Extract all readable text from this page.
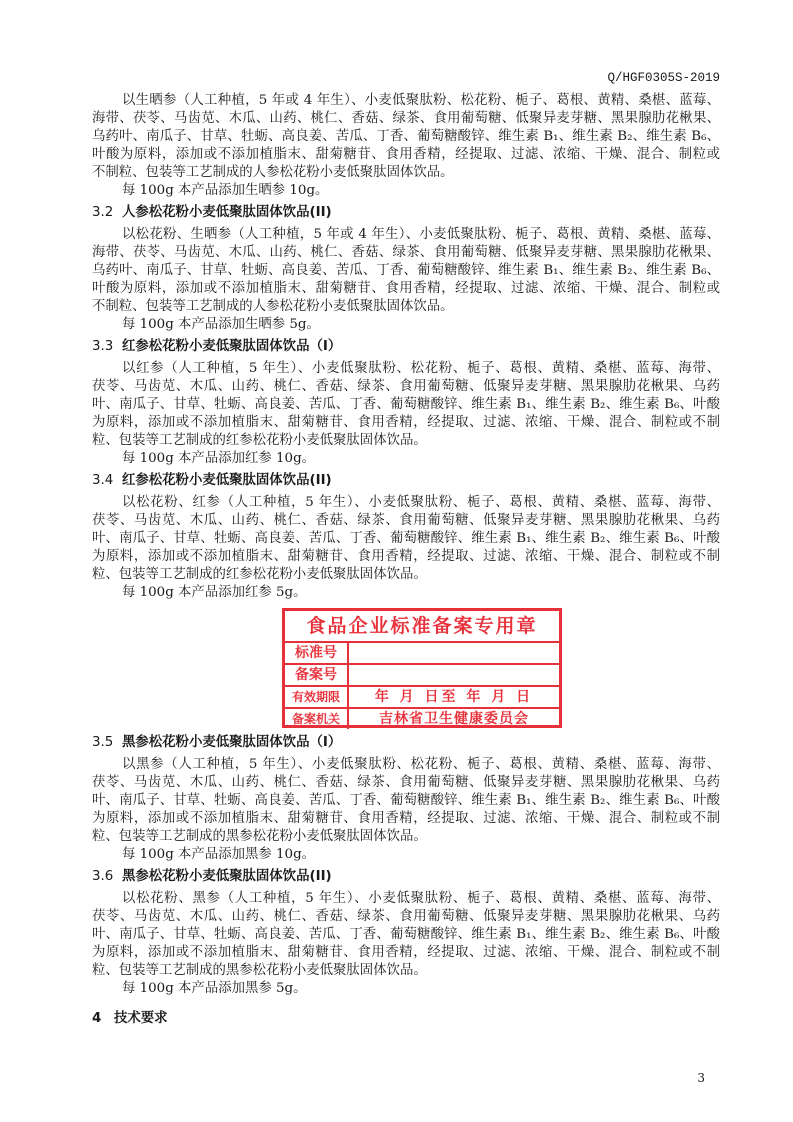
Q/HGF0305S-2019
以生晒参（人工种植，5 年或 4 年生）、小麦低聚肽粉、松花粉、栀子、葛根、黄精、桑椹、蓝莓、
海带、茯苓、马齿苋、木瓜、山药、桃仁、香菇、绿茶、食用葡萄糖、低聚异麦芽糖、黑果腺肋花楸果、
乌药叶、南瓜子、甘草、牡蛎、高良姜、苦瓜、丁香、葡萄糖酸锌、维生素 B₁、维生素 B₂、维生素 B₆、
叶酸为原料，添加或不添加植脂末、甜菊糖苷、食用香精，经提取、过滤、浓缩、干燥、混合、制粒或
不制粒、包装等工艺制成的人参松花粉小麦低聚肽固体饮品。
每 100g 本产品添加生晒参 10g。
3.2 人参松花粉小麦低聚肽固体饮品(II)
以松花粉、生晒参（人工种植，5 年或 4 年生）、小麦低聚肽粉、栀子、葛根、黄精、桑椹、蓝莓、
海带、茯苓、马齿苋、木瓜、山药、桃仁、香菇、绿茶、食用葡萄糖、低聚异麦芽糖、黑果腺肋花楸果、
乌药叶、南瓜子、甘草、牡蛎、高良姜、苦瓜、丁香、葡萄糖酸锌、维生素 B₁、维生素 B₂、维生素 B₆、
叶酸为原料，添加或不添加植脂末、甜菊糖苷、食用香精，经提取、过滤、浓缩、干燥、混合、制粒或
不制粒、包装等工艺制成的人参松花粉小麦低聚肽固体饮品。
每 100g 本产品添加生晒参 5g。
3.3 红参松花粉小麦低聚肽固体饮品（I）
以红参（人工种植，5 年生）、小麦低聚肽粉、松花粉、栀子、葛根、黄精、桑椹、蓝莓、海带、
茯苓、马齿苋、木瓜、山药、桃仁、香菇、绿茶、食用葡萄糖、低聚异麦芽糖、黑果腺肋花楸果、乌药
叶、南瓜子、甘草、牡蛎、高良姜、苦瓜、丁香、葡萄糖酸锌、维生素 B₁、维生素 B₂、维生素 B₆、叶酸
为原料，添加或不添加植脂末、甜菊糖苷、食用香精，经提取、过滤、浓缩、干燥、混合、制粒或不制
粒、包装等工艺制成的红参松花粉小麦低聚肽固体饮品。
每 100g 本产品添加红参 10g。
3.4 红参松花粉小麦低聚肽固体饮品(II)
以松花粉、红参（人工种植，5 年生）、小麦低聚肽粉、栀子、葛根、黄精、桑椹、蓝莓、海带、
茯苓、马齿苋、木瓜、山药、桃仁、香菇、绿茶、食用葡萄糖、低聚异麦芽糖、黑果腺肋花楸果、乌药
叶、南瓜子、甘草、牡蛎、高良姜、苦瓜、丁香、葡萄糖酸锌、维生素 B₁、维生素 B₂、维生素 B₆、叶酸
为原料，添加或不添加植脂末、甜菊糖苷、食用香精，经提取、过滤、浓缩、干燥、混合、制粒或不制
粒、包装等工艺制成的红参松花粉小麦低聚肽固体饮品。
每 100g 本产品添加红参 5g。
食品企业标准备案专用章
标准号
备案号
有效期限	年 月 日至 年 月 日
备案机关	吉林省卫生健康委员会
3.5 黑参松花粉小麦低聚肽固体饮品（I）
以黑参（人工种植，5 年生）、小麦低聚肽粉、松花粉、栀子、葛根、黄精、桑椹、蓝莓、海带、
茯苓、马齿苋、木瓜、山药、桃仁、香菇、绿茶、食用葡萄糖、低聚异麦芽糖、黑果腺肋花楸果、乌药
叶、南瓜子、甘草、牡蛎、高良姜、苦瓜、丁香、葡萄糖酸锌、维生素 B₁、维生素 B₂、维生素 B₆、叶酸
为原料，添加或不添加植脂末、甜菊糖苷、食用香精，经提取、过滤、浓缩、干燥、混合、制粒或不制
粒、包装等工艺制成的黑参松花粉小麦低聚肽固体饮品。
每 100g 本产品添加黑参 10g。
3.6 黑参松花粉小麦低聚肽固体饮品(II)
以松花粉、黑参（人工种植，5 年生）、小麦低聚肽粉、栀子、葛根、黄精、桑椹、蓝莓、海带、
茯苓、马齿苋、木瓜、山药、桃仁、香菇、绿茶、食用葡萄糖、低聚异麦芽糖、黑果腺肋花楸果、乌药
叶、南瓜子、甘草、牡蛎、高良姜、苦瓜、丁香、葡萄糖酸锌、维生素 B₁、维生素 B₂、维生素 B₆、叶酸
为原料，添加或不添加植脂末、甜菊糖苷、食用香精，经提取、过滤、浓缩、干燥、混合、制粒或不制
粒、包装等工艺制成的黑参松花粉小麦低聚肽固体饮品。
每 100g 本产品添加黑参 5g。
4 技术要求
3
